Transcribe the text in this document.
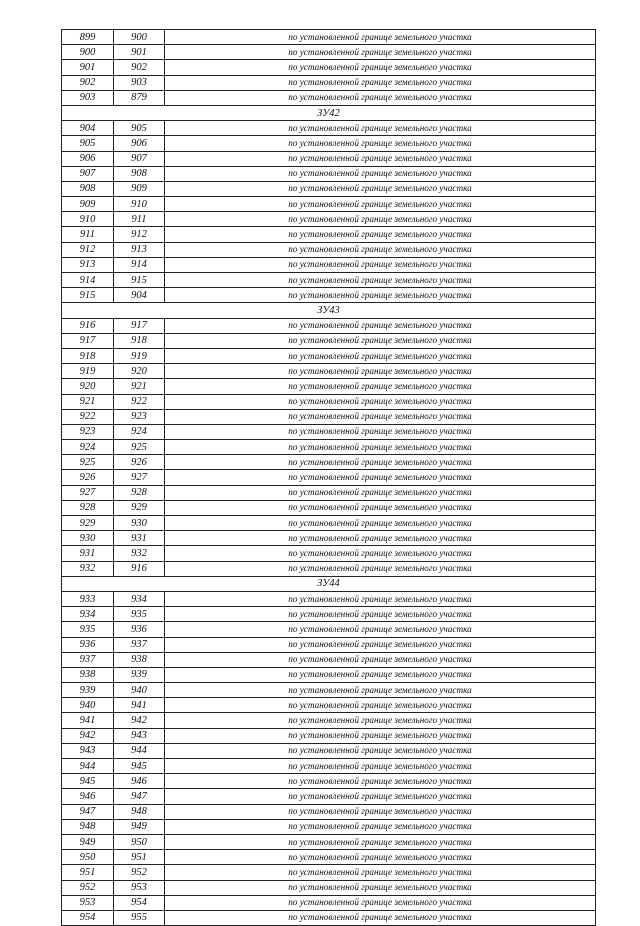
899	900	по установленной границе земельного участка
900	901	по установленной границе земельного участка
901	902	по установленной границе земельного участка
902	903	по установленной границе земельного участка
903	879	по установленной границе земельного участка
ЗУ42		
904	905	по установленной границе земельного участка
905	906	по установленной границе земельного участка
906	907	по установленной границе земельного участка
907	908	по установленной границе земельного участка
908	909	по установленной границе земельного участка
909	910	по установленной границе земельного участка
910	911	по установленной границе земельного участка
911	912	по установленной границе земельного участка
912	913	по установленной границе земельного участка
913	914	по установленной границе земельного участка
914	915	по установленной границе земельного участка
915	904	по установленной границе земельного участка
ЗУ43		
916	917	по установленной границе земельного участка
917	918	по установленной границе земельного участка
918	919	по установленной границе земельного участка
919	920	по установленной границе земельного участка
920	921	по установленной границе земельного участка
921	922	по установленной границе земельного участка
922	923	по установленной границе земельного участка
923	924	по установленной границе земельного участка
924	925	по установленной границе земельного участка
925	926	по установленной границе земельного участка
926	927	по установленной границе земельного участка
927	928	по установленной границе земельного участка
928	929	по установленной границе земельного участка
929	930	по установленной границе земельного участка
930	931	по установленной границе земельного участка
931	932	по установленной границе земельного участка
932	916	по установленной границе земельного участка
ЗУ44		
933	934	по установленной границе земельного участка
934	935	по установленной границе земельного участка
935	936	по установленной границе земельного участка
936	937	по установленной границе земельного участка
937	938	по установленной границе земельного участка
938	939	по установленной границе земельного участка
939	940	по установленной границе земельного участка
940	941	по установленной границе земельного участка
941	942	по установленной границе земельного участка
942	943	по установленной границе земельного участка
943	944	по установленной границе земельного участка
944	945	по установленной границе земельного участка
945	946	по установленной границе земельного участка
946	947	по установленной границе земельного участка
947	948	по установленной границе земельного участка
948	949	по установленной границе земельного участка
949	950	по установленной границе земельного участка
950	951	по установленной границе земельного участка
951	952	по установленной границе земельного участка
952	953	по установленной границе земельного участка
953	954	по установленной границе земельного участка
954	955	по установленной границе земельного участка
